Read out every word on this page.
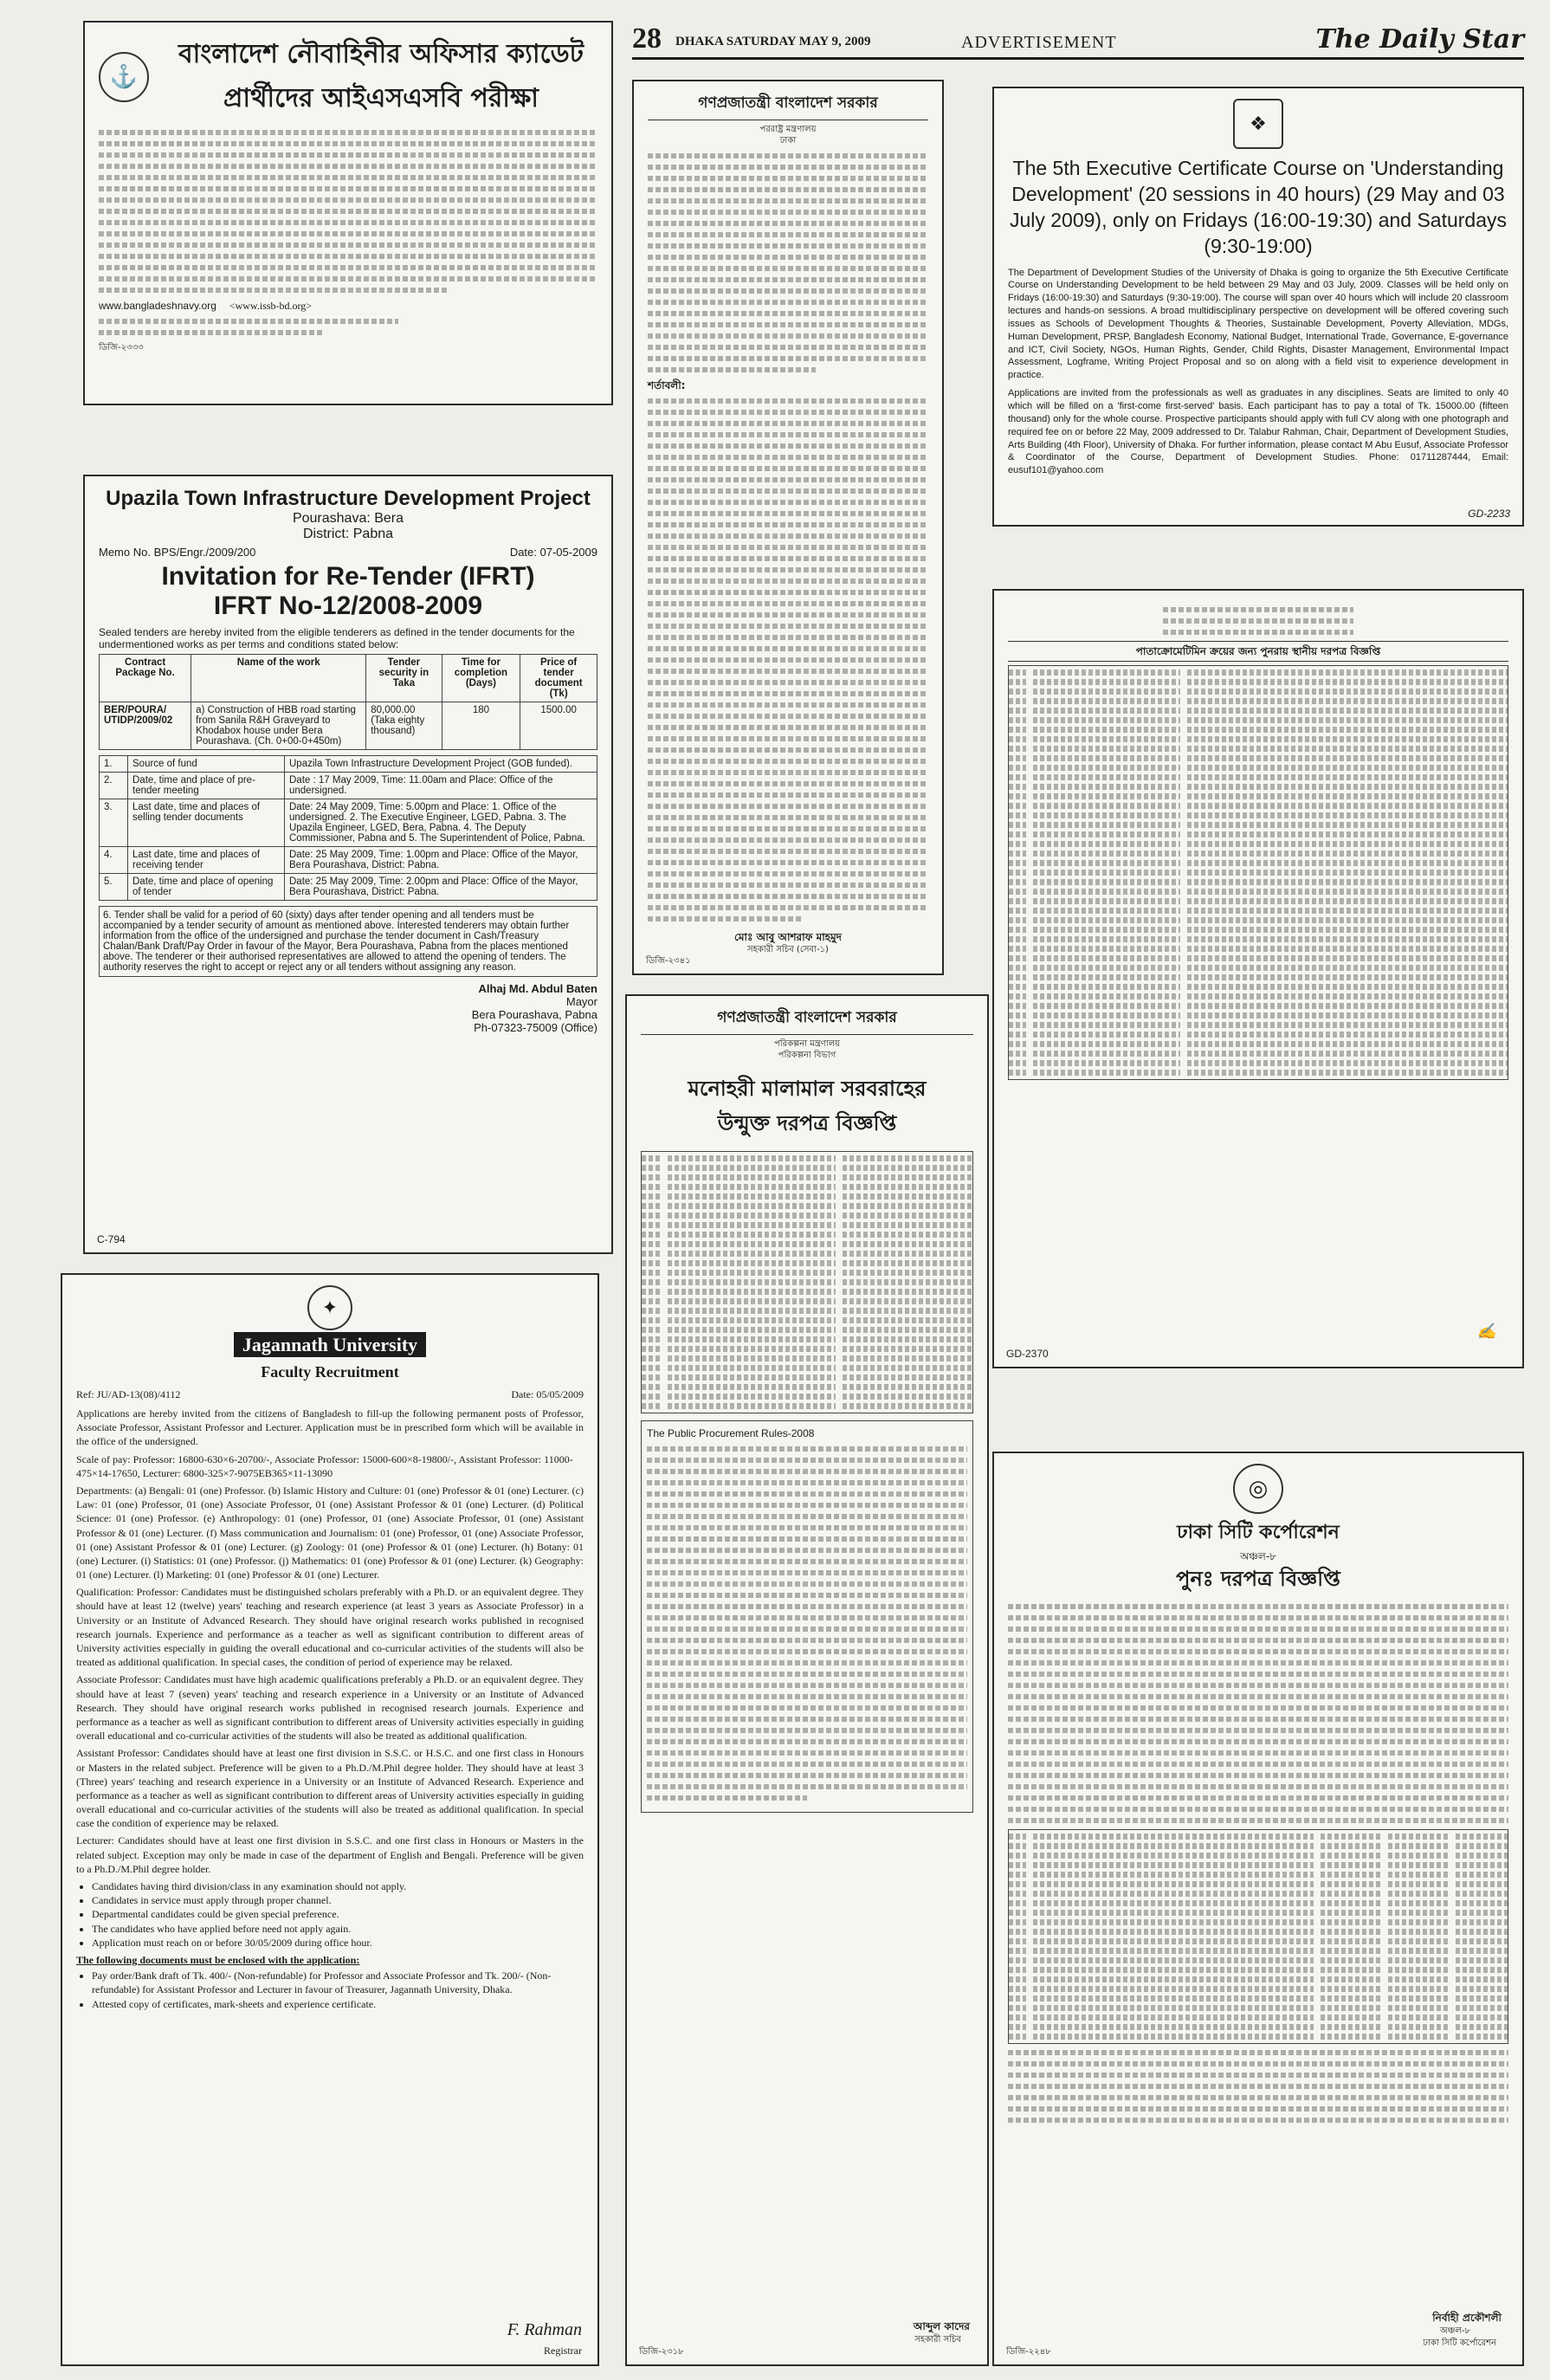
28 DHAKA SATURDAY MAY 9, 2009	ADVERTISEMENT	The Daily Star
⚓
বাংলাদেশ নৌবাহিনীর অফিসার ক্যাডেট
প্রার্থীদের আইএসএসবি পরীক্ষা
www.bangladeshnavy.org <www.issb-bd.org>
ডিজি-২৩৩৩
Upazila Town Infrastructure Development Project
Pourashava: Bera
District: Pabna
Memo No. BPS/Engr./2009/200	Date: 07-05-2009
Invitation for Re-Tender (IFRT)
IFRT No-12/2008-2009
Sealed tenders are hereby invited from the eligible tenderers as defined in the tender documents for the undermentioned works as per terms and conditions stated below:
Contract Package No.	Name of the work	Tender security in Taka	Time for completion (Days)	Price of tender document (Tk)
BER/POURA/ UTIDP/2009/02	a) Construction of HBB road starting from Sanila R&H Graveyard to Khodabox house under Bera Pourashava. (Ch. 0+00-0+450m)	80,000.00 (Taka eighty thousand)	180	1500.00
1.	Source of fund	Upazila Town Infrastructure Development Project (GOB funded).
2.	Date, time and place of pre-tender meeting	Date : 17 May 2009, Time: 11.00am and Place: Office of the undersigned.
3.	Last date, time and places of selling tender documents	Date: 24 May 2009, Time: 5.00pm and Place: 1. Office of the undersigned. 2. The Executive Engineer, LGED, Pabna. 3. The Upazila Engineer, LGED, Bera, Pabna. 4. The Deputy Commissioner, Pabna and 5. The Superintendent of Police, Pabna.
4.	Last date, time and places of receiving tender	Date: 25 May 2009, Time: 1.00pm and Place: Office of the Mayor, Bera Pourashava, District: Pabna.
5.	Date, time and place of opening of tender	Date: 25 May 2009, Time: 2.00pm and Place: Office of the Mayor, Bera Pourashava, District: Pabna.
6. Tender shall be valid for a period of 60 (sixty) days after tender opening and all tenders must be accompanied by a tender security of amount as mentioned above. Interested tenderers may obtain further information from the office of the undersigned and purchase the tender document in Cash/Treasury Chalan/Bank Draft/Pay Order in favour of the Mayor, Bera Pourashava, Pabna from the places mentioned above. The tenderer or their authorised representatives are allowed to attend the opening of tenders. The authority reserves the right to accept or reject any or all tenders without assigning any reason.
Alhaj Md. Abdul Baten
Mayor
Bera Pourashava, Pabna
Ph-07323-75009 (Office)
C-794
✦
Jagannath University
Faculty Recruitment
Ref: JU/AD-13(08)/4112	Date: 05/05/2009
Applications are hereby invited from the citizens of Bangladesh to fill-up the following permanent posts of Professor, Associate Professor, Assistant Professor and Lecturer. Application must be in prescribed form which will be available in the office of the undersigned.
Scale of pay: Professor: 16800-630×6-20700/-, Associate Professor: 15000-600×8-19800/-, Assistant Professor: 11000-475×14-17650, Lecturer: 6800-325×7-9075EB365×11-13090
Departments: (a) Bengali: 01 (one) Professor. (b) Islamic History and Culture: 01 (one) Professor & 01 (one) Lecturer. (c) Law: 01 (one) Professor, 01 (one) Associate Professor, 01 (one) Assistant Professor & 01 (one) Lecturer. (d) Political Science: 01 (one) Professor. (e) Anthropology: 01 (one) Professor, 01 (one) Associate Professor, 01 (one) Assistant Professor & 01 (one) Lecturer. (f) Mass communication and Journalism: 01 (one) Professor, 01 (one) Associate Professor, 01 (one) Assistant Professor & 01 (one) Lecturer. (g) Zoology: 01 (one) Professor & 01 (one) Lecturer. (h) Botany: 01 (one) Lecturer. (i) Statistics: 01 (one) Professor. (j) Mathematics: 01 (one) Professor & 01 (one) Lecturer. (k) Geography: 01 (one) Lecturer. (l) Marketing: 01 (one) Professor & 01 (one) Lecturer.
Qualification: Professor: Candidates must be distinguished scholars preferably with a Ph.D. or an equivalent degree. They should have at least 12 (twelve) years' teaching and research experience (at least 3 years as Associate Professor) in a University or an Institute of Advanced Research. They should have original research works published in recognised research journals. Experience and performance as a teacher as well as significant contribution to different areas of University activities especially in guiding the overall educational and co-curricular activities of the students will also be treated as additional qualification. In special cases, the condition of period of experience may be relaxed.
Associate Professor: Candidates must have high academic qualifications preferably a Ph.D. or an equivalent degree. They should have at least 7 (seven) years' teaching and research experience in a University or an Institute of Advanced Research. They should have original research works published in recognised research journals. Experience and performance as a teacher as well as significant contribution to different areas of University activities especially in guiding overall educational and co-curricular activities of the students will also be treated as additional qualification.
Assistant Professor: Candidates should have at least one first division in S.S.C. or H.S.C. and one first class in Honours or Masters in the related subject. Preference will be given to a Ph.D./M.Phil degree holder. They should have at least 3 (Three) years' teaching and research experience in a University or an Institute of Advanced Research. Experience and performance as a teacher as well as significant contribution to different areas of University activities especially in guiding overall educational and co-curricular activities of the students will also be treated as additional qualification. In special case the condition of experience may be relaxed.
Lecturer: Candidates should have at least one first division in S.S.C. and one first class in Honours or Masters in the related subject. Exception may only be made in case of the department of English and Bengali. Preference will be given to a Ph.D./M.Phil degree holder.
• Candidates having third division/class in any examination should not apply.
• Candidates in service must apply through proper channel.
• Departmental candidates could be given special preference.
• The candidates who have applied before need not apply again.
• Application must reach on or before 30/05/2009 during office hour.
The following documents must be enclosed with the application:
• Pay order/Bank draft of Tk. 400/- (Non-refundable) for Professor and Associate Professor and Tk. 200/- (Non-refundable) for Assistant Professor and Lecturer in favour of Treasurer, Jagannath University, Dhaka.
• Attested copy of certificates, mark-sheets and experience certificate.
F. Rahman
Registrar
গণপ্রজাতন্ত্রী বাংলাদেশ সরকার
পররাষ্ট্র মন্ত্রণালয়
ঢাকা
শর্তাবলী:
মোঃ আবু আশরাফ মাহমুদ
সহকারী সচিব (সেবা-১)
ডিজি-২৩৪১
গণপ্রজাতন্ত্রী বাংলাদেশ সরকার
পরিকল্পনা মন্ত্রণালয়
পরিকল্পনা বিভাগ
মনোহরী মালামাল সরবরাহের
উন্মুক্ত দরপত্র বিজ্ঞপ্তি
The Public Procurement Rules-2008
আব্দুল কাদের
সহকারী সচিব
ডিজি-২৩১৮
❖
The 5th Executive Certificate Course on 'Understanding Development' (20 sessions in 40 hours) (29 May and 03 July 2009), only on Fridays (16:00-19:30) and Saturdays (9:30-19:00)
The Department of Development Studies of the University of Dhaka is going to organize the 5th Executive Certificate Course on Understanding Development to be held between 29 May and 03 July, 2009. Classes will be held only on Fridays (16:00-19:30) and Saturdays (9:30-19:00). The course will span over 40 hours which will include 20 classroom lectures and hands-on sessions. A broad multidisciplinary perspective on development will be offered covering such issues as Schools of Development Thoughts & Theories, Sustainable Development, Poverty Alleviation, MDGs, Human Development, PRSP, Bangladesh Economy, National Budget, International Trade, Governance, E-governance and ICT, Civil Society, NGOs, Human Rights, Gender, Child Rights, Disaster Management, Environmental Impact Assessment, Logframe, Writing Project Proposal and so on along with a field visit to experience development in practice.
Applications are invited from the professionals as well as graduates in any disciplines. Seats are limited to only 40 which will be filled on a 'first-come first-served' basis. Each participant has to pay a total of Tk. 15000.00 (fifteen thousand) only for the whole course. Prospective participants should apply with full CV along with one photograph and required fee on or before 22 May, 2009 addressed to Dr. Talabur Rahman, Chair, Department of Development Studies, Arts Building (4th Floor), University of Dhaka. For further information, please contact M Abu Eusuf, Associate Professor & Coordinator of the Course, Department of Development Studies. Phone: 01711287444, Email: eusuf101@yahoo.com
GD-2233
পাতাক্রোমেটিমিন ক্রয়ের জন্য পুনরায় স্থানীয় দরপত্র বিজ্ঞপ্তি
✍
GD-2370
◎
ঢাকা সিটি কর্পোরেশন
অঞ্চল-৮
পুনঃ দরপত্র বিজ্ঞপ্তি
নির্বাহী প্রকৌশলী
অঞ্চল-৮
ঢাকা সিটি কর্পোরেশন
ডিজি-২২৪৮
